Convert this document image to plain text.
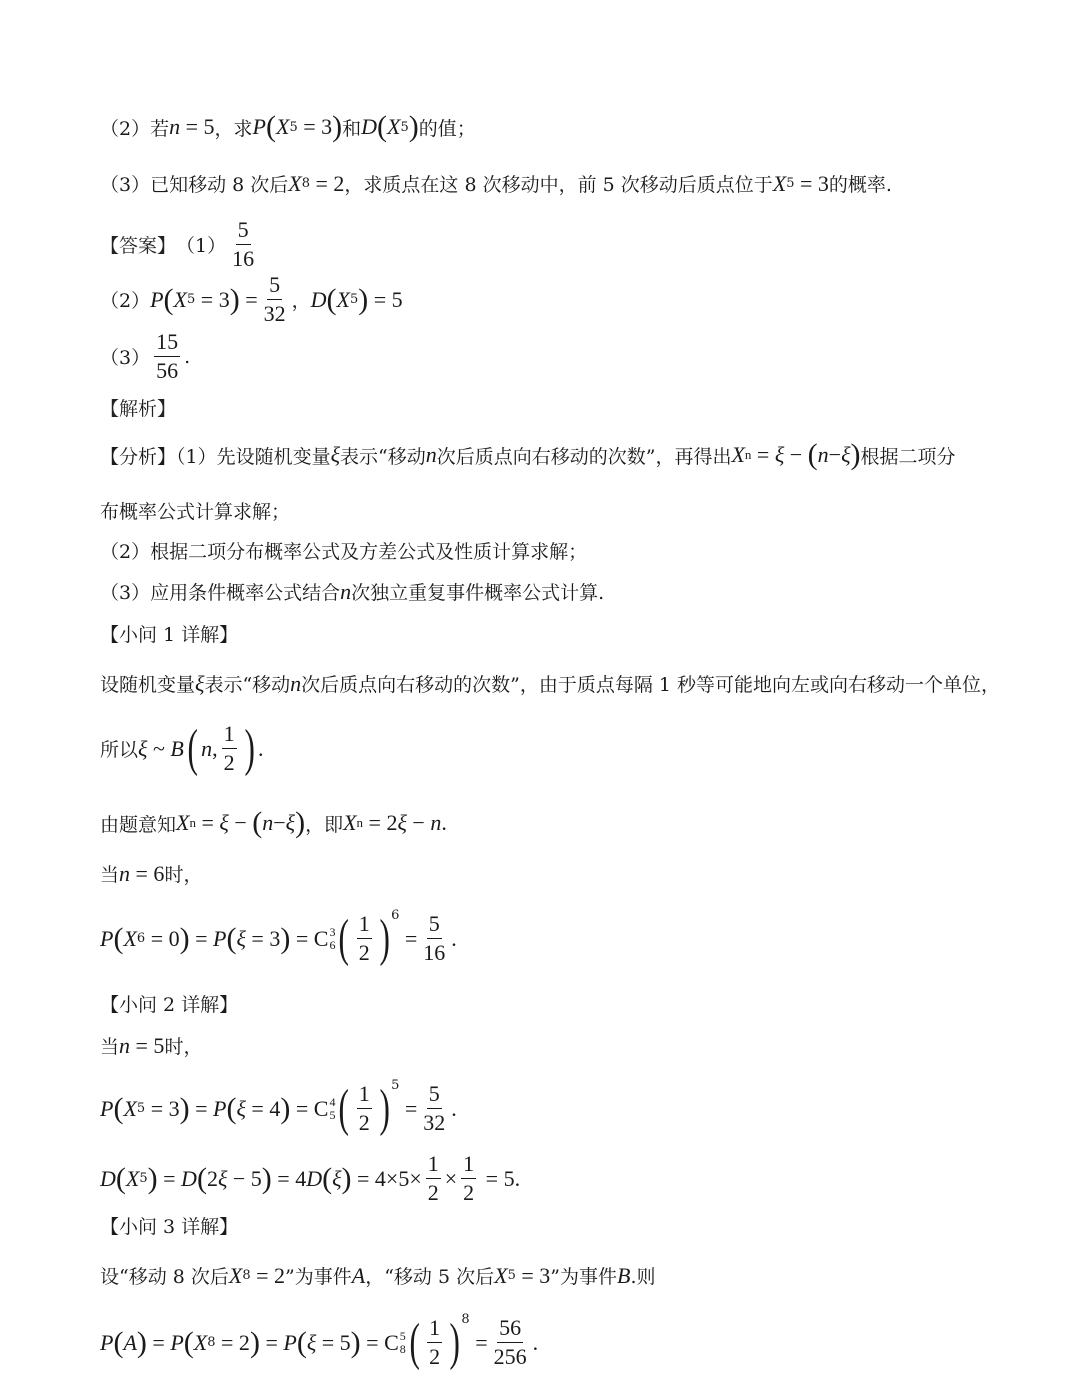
（2）若 n = 5 ，求 P ( X 5 = 3 ) 和 D ( X 5 ) 的值；
（3）已知移动 8 次后 X 8 = 2 ，求质点在这 8 次移动中，前 5 次移动后质点位于 X 5 = 3 的概率.
【答案】 $(1) \frac{5}{16}$
（2） P ( X 5 = 3 ) = $\frac{5}{32}$ ， D ( X 5 ) = 5
$(3) \frac{15}{56}$ .
【解析】
【分析】（1）先设随机变量 ξ 表示“移动 n 次后质点向右移动的次数”，再得出 X n = ξ − ( n − ξ ) 根据二项分
布概率公式计算求解；
（2）根据二项分布概率公式及方差公式及性质计算求解；
（3）应用条件概率公式结合 n 次独立重复事件概率公式计算.
【小问 1 详解】
设随机变量 ξ 表示“移动 n 次后质点向右移动的次数”，由于质点每隔 1 秒等可能地向左或向右移动一个单位，
所以 ξ ~ B ( n , $\frac{1}{2}$ ) .
由题意知 X n = ξ − ( n − ξ ) ，即 X n = 2 ξ − n .
当 n = 6 时，
P ( X 6 = 0 ) = P ( ξ = 3 ) = C 3
6 ( $\frac{1}{2}$ ) 6
= $\frac{5}{16}$ .
【小问 2 详解】
当 n = 5 时，
P ( X 5 = 3 ) = P ( ξ = 4 ) = C 4
5 ( $\frac{1}{2}$ ) 5
= $\frac{5}{32}$ .
D ( X 5 ) = D ( 2 ξ − 5 ) = 4 D ( ξ ) = $4\times 5\times \frac{1}{2} \times \frac{1}{2} = 5$.
【小问 3 详解】
设“移动 8 次后 X 8 = 2 ”为事件 A ，“移动 5 次后 X 5 = 3 ”为事件 B .则
P ( A ) = P ( X 8 = 2 ) = P ( ξ = 5 ) = C 5
8 ( $\frac{1}{2}$ ) 8
= $\frac{56}{256}$ .
